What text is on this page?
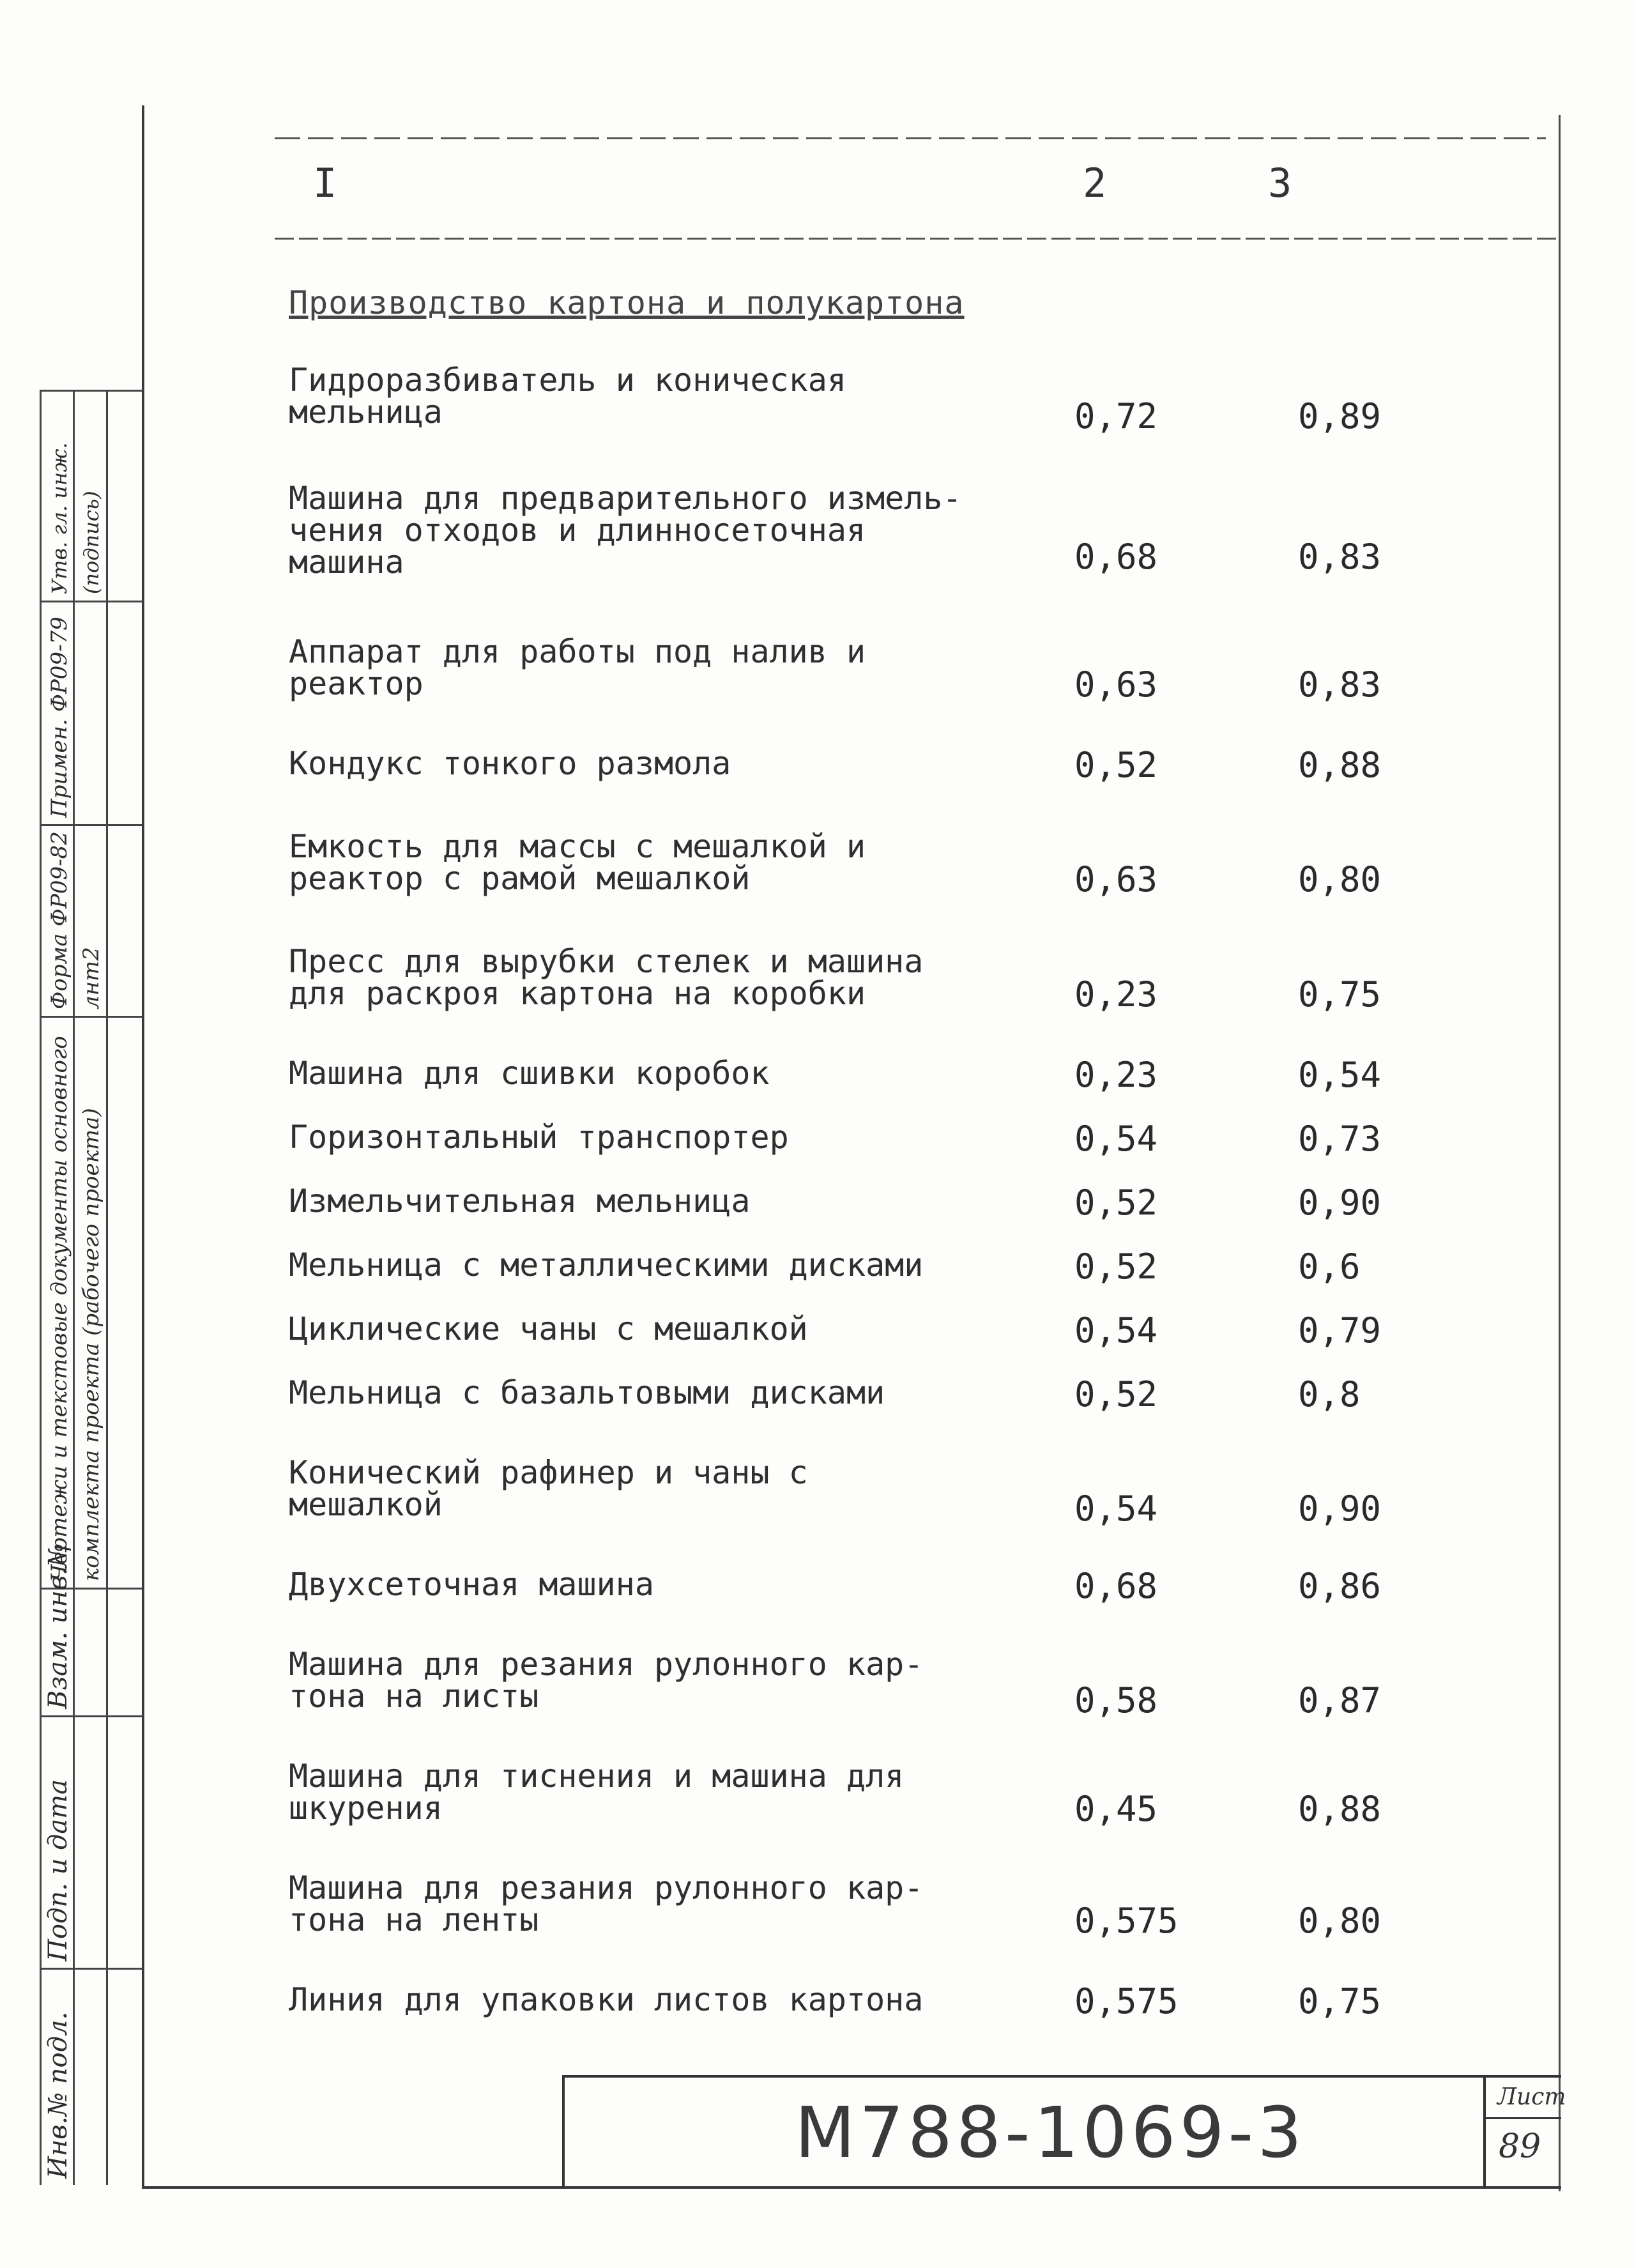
I	2	3
Производство картона и полукартона
Гидроразбиватель и коническая
мельница	0,72	0,89
Машина для предварительного измель-
чения отходов и длинносеточная
машина	0,68	0,83
Аппарат для работы под налив и
реактор	0,63	0,83
Кондукс тонкого размола	0,52	0,88
Емкость для массы с мешалкой и
реактор с рамой мешалкой	0,63	0,80
Пресс для вырубки стелек и машина
для раскроя картона на коробки	0,23	0,75
Машина для сшивки коробок	0,23	0,54
Горизонтальный транспортер	0,54	0,73
Измельчительная мельница	0,52	0,90
Мельница с металлическими дисками	0,52	0,6
Циклические чаны с мешалкой	0,54	0,79
Мельница с базальтовыми дисками	0,52	0,8
Конический рафинер и чаны с
мешалкой	0,54	0,90
Двухсеточная машина	0,68	0,86
Машина для резания рулонного кар-
тона на листы	0,58	0,87
Машина для тиснения и машина для
шкурения	0,45	0,88
Машина для резания рулонного кар-
тона на ленты	0,575	0,80
Линия для упаковки листов картона	0,575	0,75
Инв.№ подл.
Подп. и дата
Взам. инв.№
Чертежи и текстовые документы основного комплекта проекта (рабочего проекта)
Форма ФР09-82 лнт2
Примен. ФР09-79
Утв. гл. инж. (подпись)
М788-1069-3	Лист
89
